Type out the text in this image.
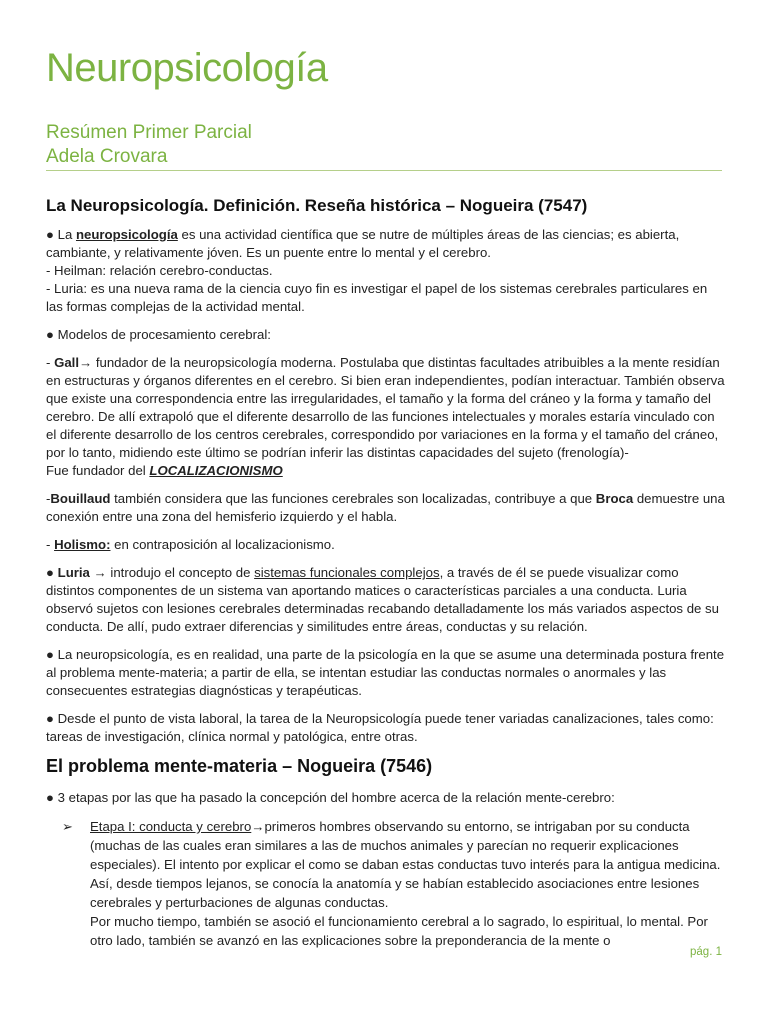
Neuropsicología
Resúmen Primer Parcial
Adela Crovara
La Neuropsicología. Definición. Reseña histórica – Nogueira (7547)

● La neuropsicología es una actividad científica que se nutre de múltiples áreas de las ciencias; es abierta, cambiante, y relativamente jóven. Es un puente entre lo mental y el cerebro.
- Heilman: relación cerebro-conductas.
- Luria: es una nueva rama de la ciencia cuyo fin es investigar el papel de los sistemas cerebrales particulares en las formas complejas de la actividad mental.

● Modelos de procesamiento cerebral:

- Gall→ fundador de la neuropsicología moderna. Postulaba que distintas facultades atribuibles a la mente residían en estructuras y órganos diferentes en el cerebro. Si bien eran independientes, podían interactuar. También observa que existe una correspondencia entre las irregularidades, el tamaño y la forma del cráneo y la forma y tamaño del cerebro. De allí extrapoló que el diferente desarrollo de las funciones intelectuales y morales estaría vinculado con el diferente desarrollo de los centros cerebrales, correspondido por variaciones en la forma y el tamaño del cráneo, por lo tanto, midiendo este último se podrían inferir las distintas capacidades del sujeto (frenología)-
Fue fundador del LOCALIZACIONISMO

-Bouillaud también considera que las funciones cerebrales son localizadas, contribuye a que Broca demuestre una conexión entre una zona del hemisferio izquierdo y el habla.

- Holismo: en contraposición al localizacionismo.

● Luria → introdujo el concepto de sistemas funcionales complejos, a través de él se puede visualizar como distintos componentes de un sistema van aportando matices o características parciales a una conducta. Luria observó sujetos con lesiones cerebrales determinadas recabando detalladamente los más variados aspectos de su conducta. De allí, pudo extraer diferencias y similitudes entre áreas, conductas y su relación.

● La neuropsicología, es en realidad, una parte de la psicología en la que se asume una determinada postura frente al problema mente-materia; a partir de ella, se intentan estudiar las conductas normales o anormales y las consecuentes estrategias diagnósticas y terapéuticas.

● Desde el punto de vista laboral, la tarea de la Neuropsicología puede tener variadas canalizaciones, tales como: tareas de investigación, clínica normal y patológica, entre otras.

El problema mente-materia – Nogueira (7546)

● 3 etapas por las que ha pasado la concepción del hombre acerca de la relación mente-cerebro:

➢ Etapa I: conducta y cerebro→primeros hombres observando su entorno, se intrigaban por su conducta (muchas de las cuales eran similares a las de muchos animales y parecían no requerir explicaciones especiales). El intento por explicar el como se daban estas conductas tuvo interés para la antigua medicina. Así, desde tiempos lejanos, se conocía la anatomía y se habían establecido asociaciones entre lesiones cerebrales y perturbaciones de algunas conductas.
Por mucho tiempo, también se asoció el funcionamiento cerebral a lo sagrado, lo espiritual, lo mental. Por otro lado, también se avanzó en las explicaciones sobre la preponderancia de la mente o
pág. 1
